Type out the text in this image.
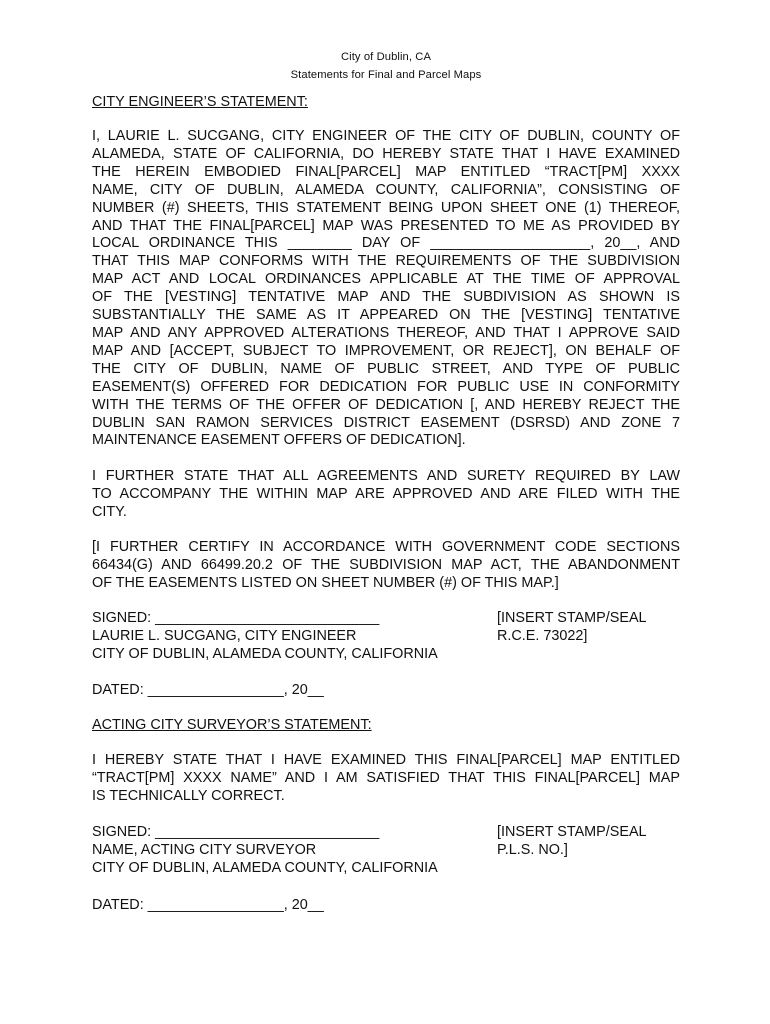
City of Dublin, CA
Statements for Final and Parcel Maps
CITY ENGINEER’S STATEMENT:
I, LAURIE L. SUCGANG, CITY ENGINEER OF THE CITY OF DUBLIN, COUNTY OF
ALAMEDA, STATE OF CALIFORNIA, DO HEREBY STATE THAT I HAVE EXAMINED
THE HEREIN EMBODIED FINAL[PARCEL] MAP ENTITLED “TRACT[PM] XXXX
NAME, CITY OF DUBLIN, ALAMEDA COUNTY, CALIFORNIA”, CONSISTING OF
NUMBER (#) SHEETS, THIS STATEMENT BEING UPON SHEET ONE (1) THEREOF,
AND THAT THE FINAL[PARCEL] MAP WAS PRESENTED TO ME AS PROVIDED BY
LOCAL ORDINANCE THIS ________ DAY OF ____________________, 20__, AND
THAT THIS MAP CONFORMS WITH THE REQUIREMENTS OF THE SUBDIVISION
MAP ACT AND LOCAL ORDINANCES APPLICABLE AT THE TIME OF APPROVAL
OF THE [VESTING] TENTATIVE MAP AND THE SUBDIVISION AS SHOWN IS
SUBSTANTIALLY THE SAME AS IT APPEARED ON THE [VESTING] TENTATIVE
MAP AND ANY APPROVED ALTERATIONS THEREOF, AND THAT I APPROVE SAID
MAP AND [ACCEPT, SUBJECT TO IMPROVEMENT, OR REJECT], ON BEHALF OF
THE CITY OF DUBLIN, NAME OF PUBLIC STREET, AND TYPE OF PUBLIC
EASEMENT(S) OFFERED FOR DEDICATION FOR PUBLIC USE IN CONFORMITY
WITH THE TERMS OF THE OFFER OF DEDICATION [, AND HEREBY REJECT THE
DUBLIN SAN RAMON SERVICES DISTRICT EASEMENT (DSRSD) AND ZONE 7
MAINTENANCE EASEMENT OFFERS OF DEDICATION].
I FURTHER STATE THAT ALL AGREEMENTS AND SURETY REQUIRED BY LAW
TO ACCOMPANY THE WITHIN MAP ARE APPROVED AND ARE FILED WITH THE
CITY.
[I FURTHER CERTIFY IN ACCORDANCE WITH GOVERNMENT CODE SECTIONS
66434(G) AND 66499.20.2 OF THE SUBDIVISION MAP ACT, THE ABANDONMENT
OF THE EASEMENTS LISTED ON SHEET NUMBER (#) OF THIS MAP.]
SIGNED: ____________________________
LAURIE L. SUCGANG, CITY ENGINEER
CITY OF DUBLIN, ALAMEDA COUNTY, CALIFORNIA
[INSERT STAMP/SEAL
R.C.E. 73022]
DATED: _________________, 20__
ACTING CITY SURVEYOR’S STATEMENT:
I HEREBY STATE THAT I HAVE EXAMINED THIS FINAL[PARCEL] MAP ENTITLED
“TRACT[PM] XXXX NAME” AND I AM SATISFIED THAT THIS FINAL[PARCEL] MAP
IS TECHNICALLY CORRECT.
SIGNED: ____________________________
NAME, ACTING CITY SURVEYOR
CITY OF DUBLIN, ALAMEDA COUNTY, CALIFORNIA
[INSERT STAMP/SEAL
P.L.S. NO.]
DATED: _________________, 20__
